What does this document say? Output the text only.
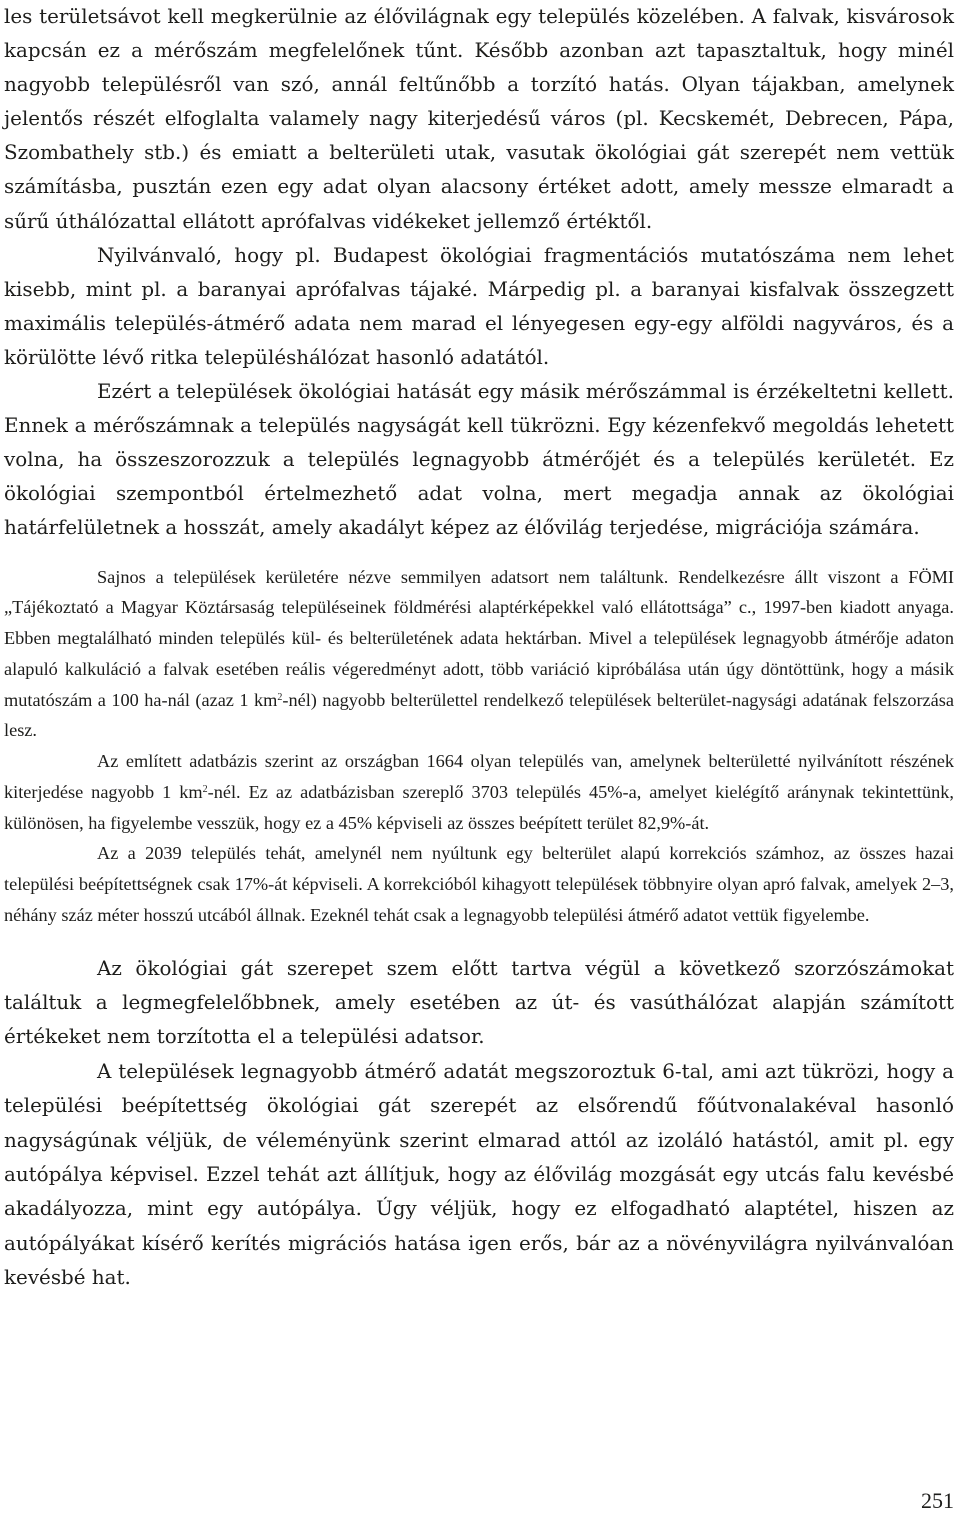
les területsávot kell megkerülnie az élővilágnak egy település közelében. A falvak, kisvárosok kapcsán ez a mérőszám megfelelőnek tűnt. Később azonban azt tapasztaltuk, hogy minél nagyobb településről van szó, annál feltűnőbb a torzító hatás. Olyan tájakban, amelynek jelentős részét elfoglalta valamely nagy kiterjedésű város (pl. Kecskemét, Debrecen, Pápa, Szombathely stb.) és emiatt a belterületi utak, vasutak ökológiai gát szerepét nem vettük számításba, pusztán ezen egy adat olyan alacsony értéket adott, amely messze elmaradt a sűrű úthálózattal ellátott aprófalvas vidékeket jellemző értéktől.

Nyilvánvaló, hogy pl. Budapest ökológiai fragmentációs mutatószáma nem lehet kisebb, mint pl. a baranyai aprófalvas tájaké. Márpedig pl. a baranyai kisfalvak összegzett maximális település-átmérő adata nem marad el lényegesen egy-egy alföldi nagyváros, és a körülötte lévő ritka településhálózat hasonló adatától.

Ezért a települések ökológiai hatását egy másik mérőszámmal is érzékeltetni kellett. Ennek a mérőszámnak a település nagyságát kell tükrözni. Egy kézenfekvő megoldás lehetett volna, ha összeszorozzuk a település legnagyobb átmérőjét és a település kerületét. Ez ökológiai szempontból értelmezhető adat volna, mert megadja annak az ökológiai határfelületnek a hosszát, amely akadályt képez az élővilág terjedése, migrációja számára.

Sajnos a települések kerületére nézve semmilyen adatsort nem találtunk. Rendelkezésre állt viszont a FÖMI „Tájékoztató a Magyar Köztársaság településeinek földmérési alaptérképekkel való ellátottsága” c., 1997-ben kiadott anyaga. Ebben megtalálható minden település kül- és belterületének adata hektárban. Mivel a települések legnagyobb átmérője adaton alapuló kalkuláció a falvak esetében reális végeredményt adott, több variáció kipróbálása után úgy döntöttünk, hogy a másik mutatószám a 100 ha-nál (azaz 1 $km^2-nél$) nagyobb belterülettel rendelkező települések belterület-nagysági adatának felszorzása lesz.

Az említett adatbázis szerint az országban 1664 olyan település van, amelynek belterületté nyilvánított részének kiterjedése nagyobb 1 $km^2$-nél. Ez az adatbázisban szereplő 3703 település 45%-a, amelyet kielégítő aránynak tekintettünk, különösen, ha figyelembe vesszük, hogy ez a 45% képviseli az összes beépített terület 82,9%-át.

Az a 2039 település tehát, amelynél nem nyúltunk egy belterület alapú korrekciós számhoz, az összes hazai települési beépítettségnek csak 17%-át képviseli. A korrekcióból kihagyott települések többnyire olyan apró falvak, amelyek 2–3, néhány száz méter hosszú utcából állnak. Ezeknél tehát csak a legnagyobb települési átmérő adatot vettük figyelembe.

Az ökológiai gát szerepet szem előtt tartva végül a következő szorzószámokat találtuk a legmegfelelőbbnek, amely esetében az út- és vasúthálózat alapján számított értékeket nem torzította el a települési adatsor.

A települések legnagyobb átmérő adatát megszoroztuk 6-tal, ami azt tükrözi, hogy a települési beépítettség ökológiai gát szerepét az elsőrendű főútvonalakéval hasonló nagyságúnak véljük, de véleményünk szerint elmarad attól az izoláló hatástól, amit pl. egy autópálya képvisel. Ezzel tehát azt állítjuk, hogy az élővilág mozgását egy utcás falu kevésbé akadályozza, mint egy autópálya. Úgy véljük, hogy ez elfogadható alaptétel, hiszen az autópályákat kísérő kerítés migrációs hatása igen erős, bár az a növényvilágra nyilvánvalóan kevésbé hat.

251
